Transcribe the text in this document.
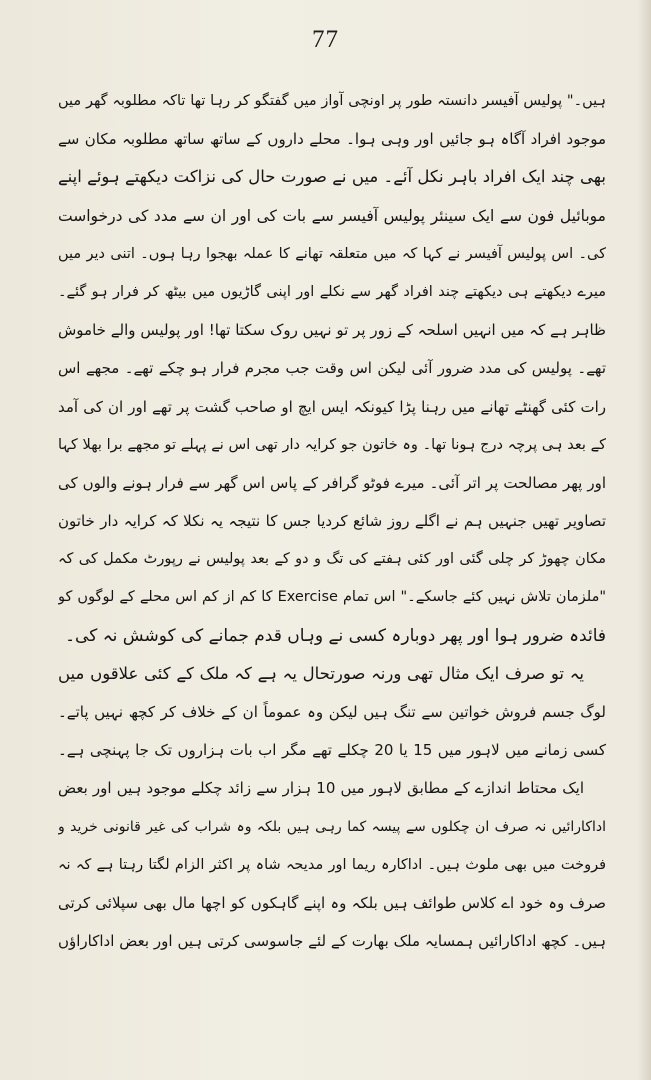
77
ہیں۔" پولیس آفیسر دانستہ طور پر اونچی آواز میں گفتگو کر رہا تھا تاکہ مطلوبہ گھر میں
موجود افراد آگاہ ہو جائیں اور وہی ہوا۔ محلے داروں کے ساتھ ساتھ مطلوبہ مکان سے
بھی چند ایک افراد باہر نکل آئے۔ میں نے صورت حال کی نزاکت دیکھتے ہوئے اپنے
موبائیل فون سے ایک سینئر پولیس آفیسر سے بات کی اور ان سے مدد کی درخواست
کی۔ اس پولیس آفیسر نے کہا کہ میں متعلقہ تھانے کا عملہ بھجوا رہا ہوں۔ اتنی دیر میں
میرے دیکھتے ہی دیکھتے چند افراد گھر سے نکلے اور اپنی گاڑیوں میں بیٹھ کر فرار ہو گئے۔
ظاہر ہے کہ میں انہیں اسلحہ کے زور پر تو نہیں روک سکتا تھا! اور پولیس والے خاموش
تھے۔ پولیس کی مدد ضرور آئی لیکن اس وقت جب مجرم فرار ہو چکے تھے۔ مجھے اس
رات کئی گھنٹے تھانے میں رہنا پڑا کیونکہ ایس ایچ او صاحب گشت پر تھے اور ان کی آمد
کے بعد ہی پرچہ درج ہونا تھا۔ وہ خاتون جو کرایہ دار تھی اس نے پہلے تو مجھے برا بھلا کہا
اور پھر مصالحت پر اتر آئی۔ میرے فوٹو گرافر کے پاس اس گھر سے فرار ہونے والوں کی
تصاویر تھیں جنہیں ہم نے اگلے روز شائع کردیا جس کا نتیجہ یہ نکلا کہ کرایہ دار خاتون
مکان چھوڑ کر چلی گئی اور کئی ہفتے کی تگ و دو کے بعد پولیس نے رپورٹ مکمل کی کہ
"ملزمان تلاش نہیں کئے جاسکے۔" اس تمام Exercise کا کم از کم اس محلے کے لوگوں کو
فائدہ ضرور ہوا اور پھر دوبارہ کسی نے وہاں قدم جمانے کی کوشش نہ کی۔
یہ تو صرف ایک مثال تھی ورنہ صورتحال یہ ہے کہ ملک کے کئی علاقوں میں
لوگ جسم فروش خواتین سے تنگ ہیں لیکن وہ عموماً ان کے خلاف کر کچھ نہیں پاتے۔
کسی زمانے میں لاہور میں 15 یا 20 چکلے تھے مگر اب بات ہزاروں تک جا پہنچی ہے۔
ایک محتاط اندازے کے مطابق لاہور میں 10 ہزار سے زائد چکلے موجود ہیں اور بعض
اداکارائیں نہ صرف ان چکلوں سے پیسہ کما رہی ہیں بلکہ وہ شراب کی غیر قانونی خرید و
فروخت میں بھی ملوث ہیں۔ اداکارہ ریما اور مدیحہ شاہ پر اکثر الزام لگتا رہتا ہے کہ نہ
صرف وہ خود اے کلاس طوائف ہیں بلکہ وہ اپنے گاہکوں کو اچھا مال بھی سپلائی کرتی
ہیں۔ کچھ اداکارائیں ہمسایہ ملک بھارت کے لئے جاسوسی کرتی ہیں اور بعض اداکاراؤں
